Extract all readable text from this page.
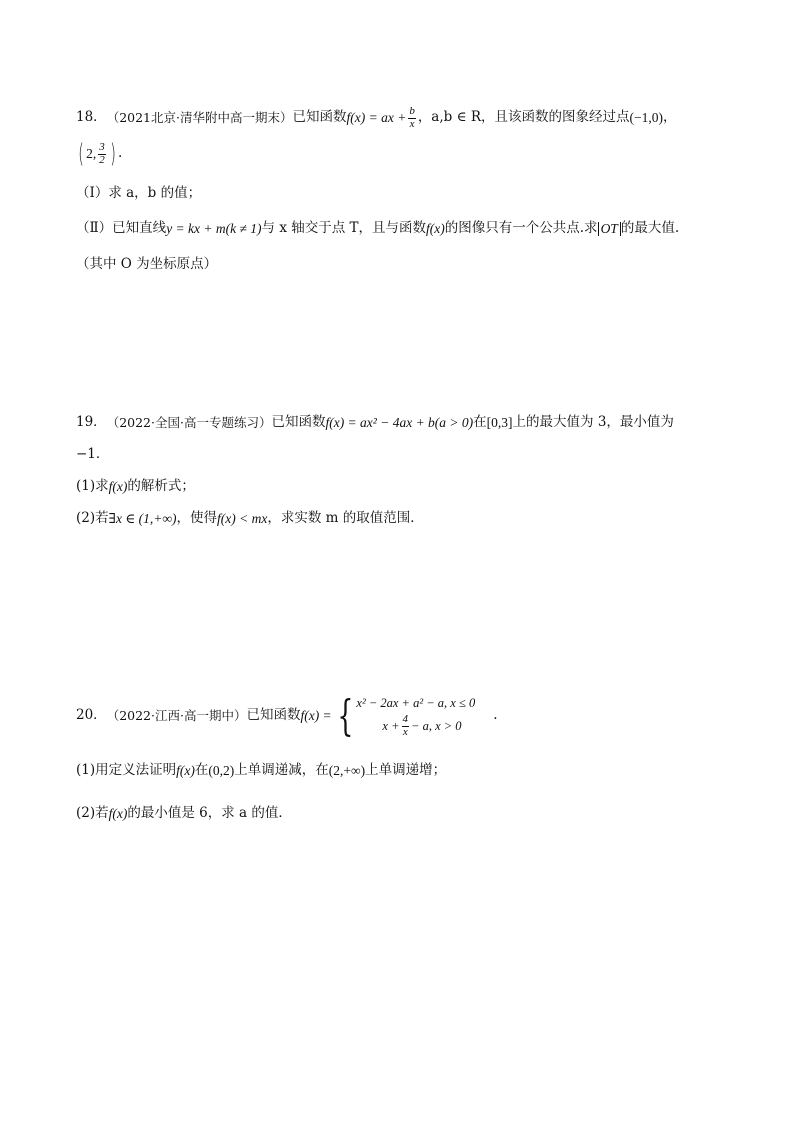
18． （2021北京·清华附中高一期末） 已知函数 f(x) = ax + $\frac{b}{x}$ ，a,b ∈ R，且该函数的图象经过点 (−1,0) ，
( 2, $\frac{3}{2}$ ) .
（Ⅰ）求 a，b 的值；
（Ⅱ）已知直线 y = kx + m(k ≠ 1) 与 x 轴交于点 T，且与函数 f(x) 的图像只有一个公共点.求 OT 的最大值.
（其中 O 为坐标原点）
19． （2022·全国·高一专题练习） 已知函数 f(x) = ax² − 4ax + b(a > 0) 在 [0,3] 上的最大值为 3，最小值为
−1．
(1)求 f(x) 的解析式；
(2)若 ∃x ∈ (1,+∞) ，使得 f(x) < mx ，求实数 m 的取值范围．
20． （2022·江西·高一期中） 已知函数 f(x) = { x² − 2ax + a² − a, x ≤ 0
$x + \frac{4}{x} - a$, x > 0
.
(1)用定义法证明 f(x) 在 (0,2) 上单调递减，在 (2,+∞) 上单调递增；
(2)若 f(x) 的最小值是 6，求 a 的值．
